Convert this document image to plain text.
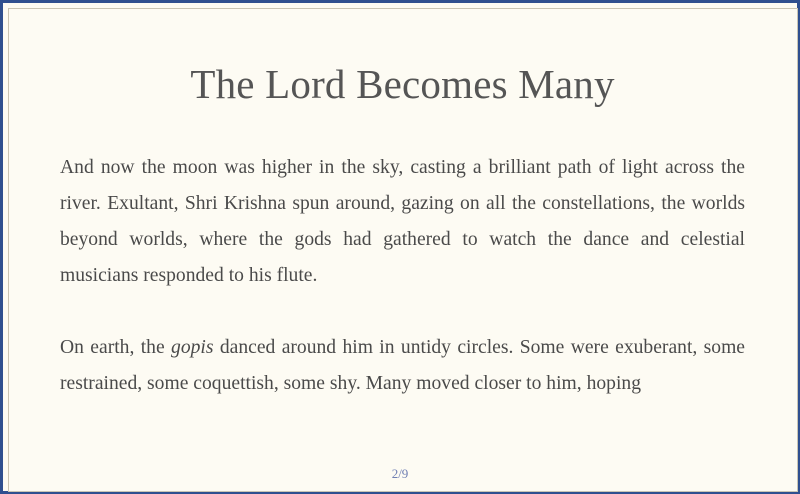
The Lord Becomes Many

And now the moon was higher in the sky, casting a brilliant path of light across the river. Exultant, Shri Krishna spun around, gazing on all the constellations, the worlds beyond worlds, where the gods had gathered to watch the dance and celestial musicians responded to his flute.

On earth, the gopis danced around him in untidy circles. Some were exuberant, some restrained, some coquettish, some shy. Many moved closer to him, hoping

2/9
